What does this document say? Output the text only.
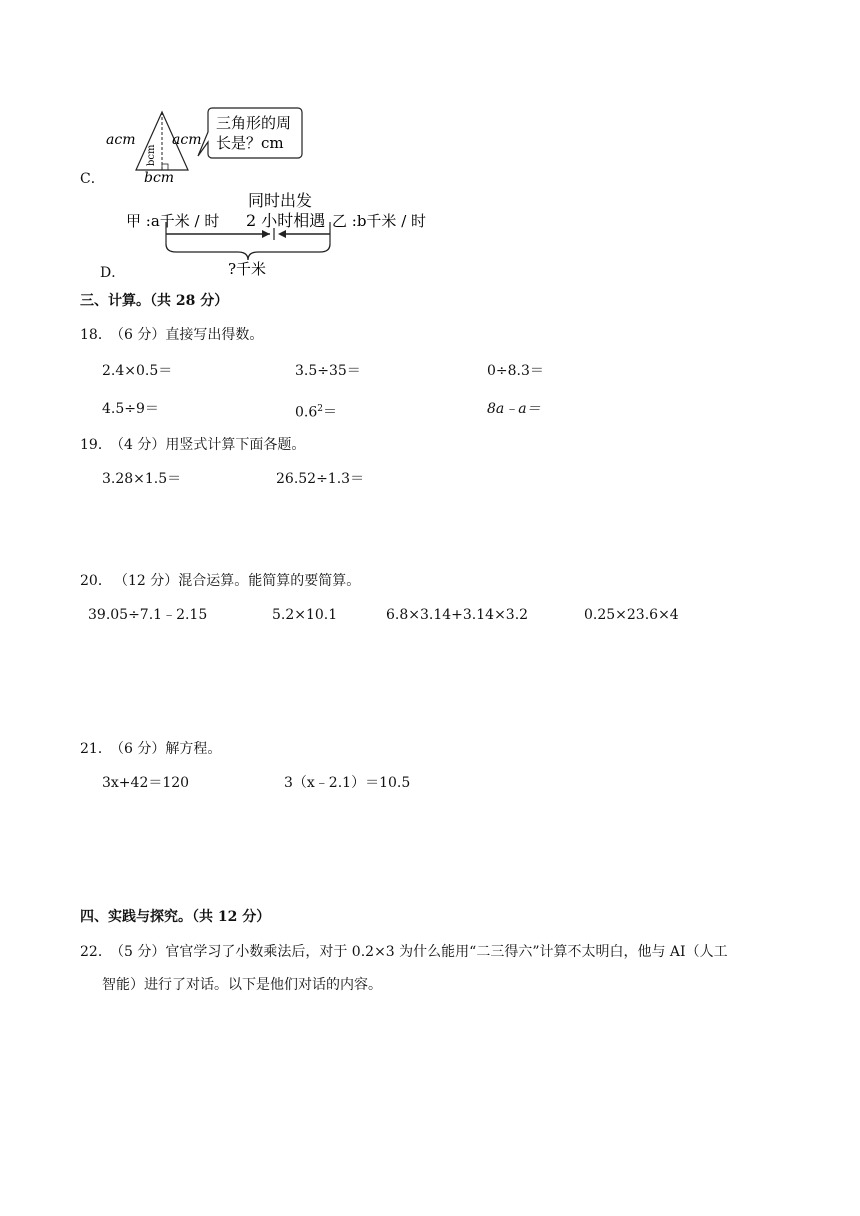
C．
acm	acm
bcm
bcm
三角形的周
长是？cm
D．
同时出发
2 小时相遇
甲 :a千米 / 时	乙 :b千米 / 时
?千米
三、计算。（共 28 分）
18．
（6 分）直接写出得数。
2.4×0.5＝	3.5÷35＝	0÷8.3＝
4.5÷9＝	$0.6^2=$	8a﹣a＝
19．
（4 分）用竖式计算下面各题。
3.28×1.5＝	26.52÷1.3＝
20． （12 分）混合运算。能简算的要简算。
39.05÷7.1﹣2.15	5.2×10.1	6.8×3.14+3.14×3.2	0.25×23.6×4
21．
（6 分）解方程。
3x+42＝120	3（x﹣2.1）＝10.5
四、实践与探究。（共 12 分）
22．
（5 分）官官学习了小数乘法后，对于 0.2×3 为什么能用“二三得六”计算不太明白，他与 AI（人工
智能）进行了对话。以下是他们对话的内容。
